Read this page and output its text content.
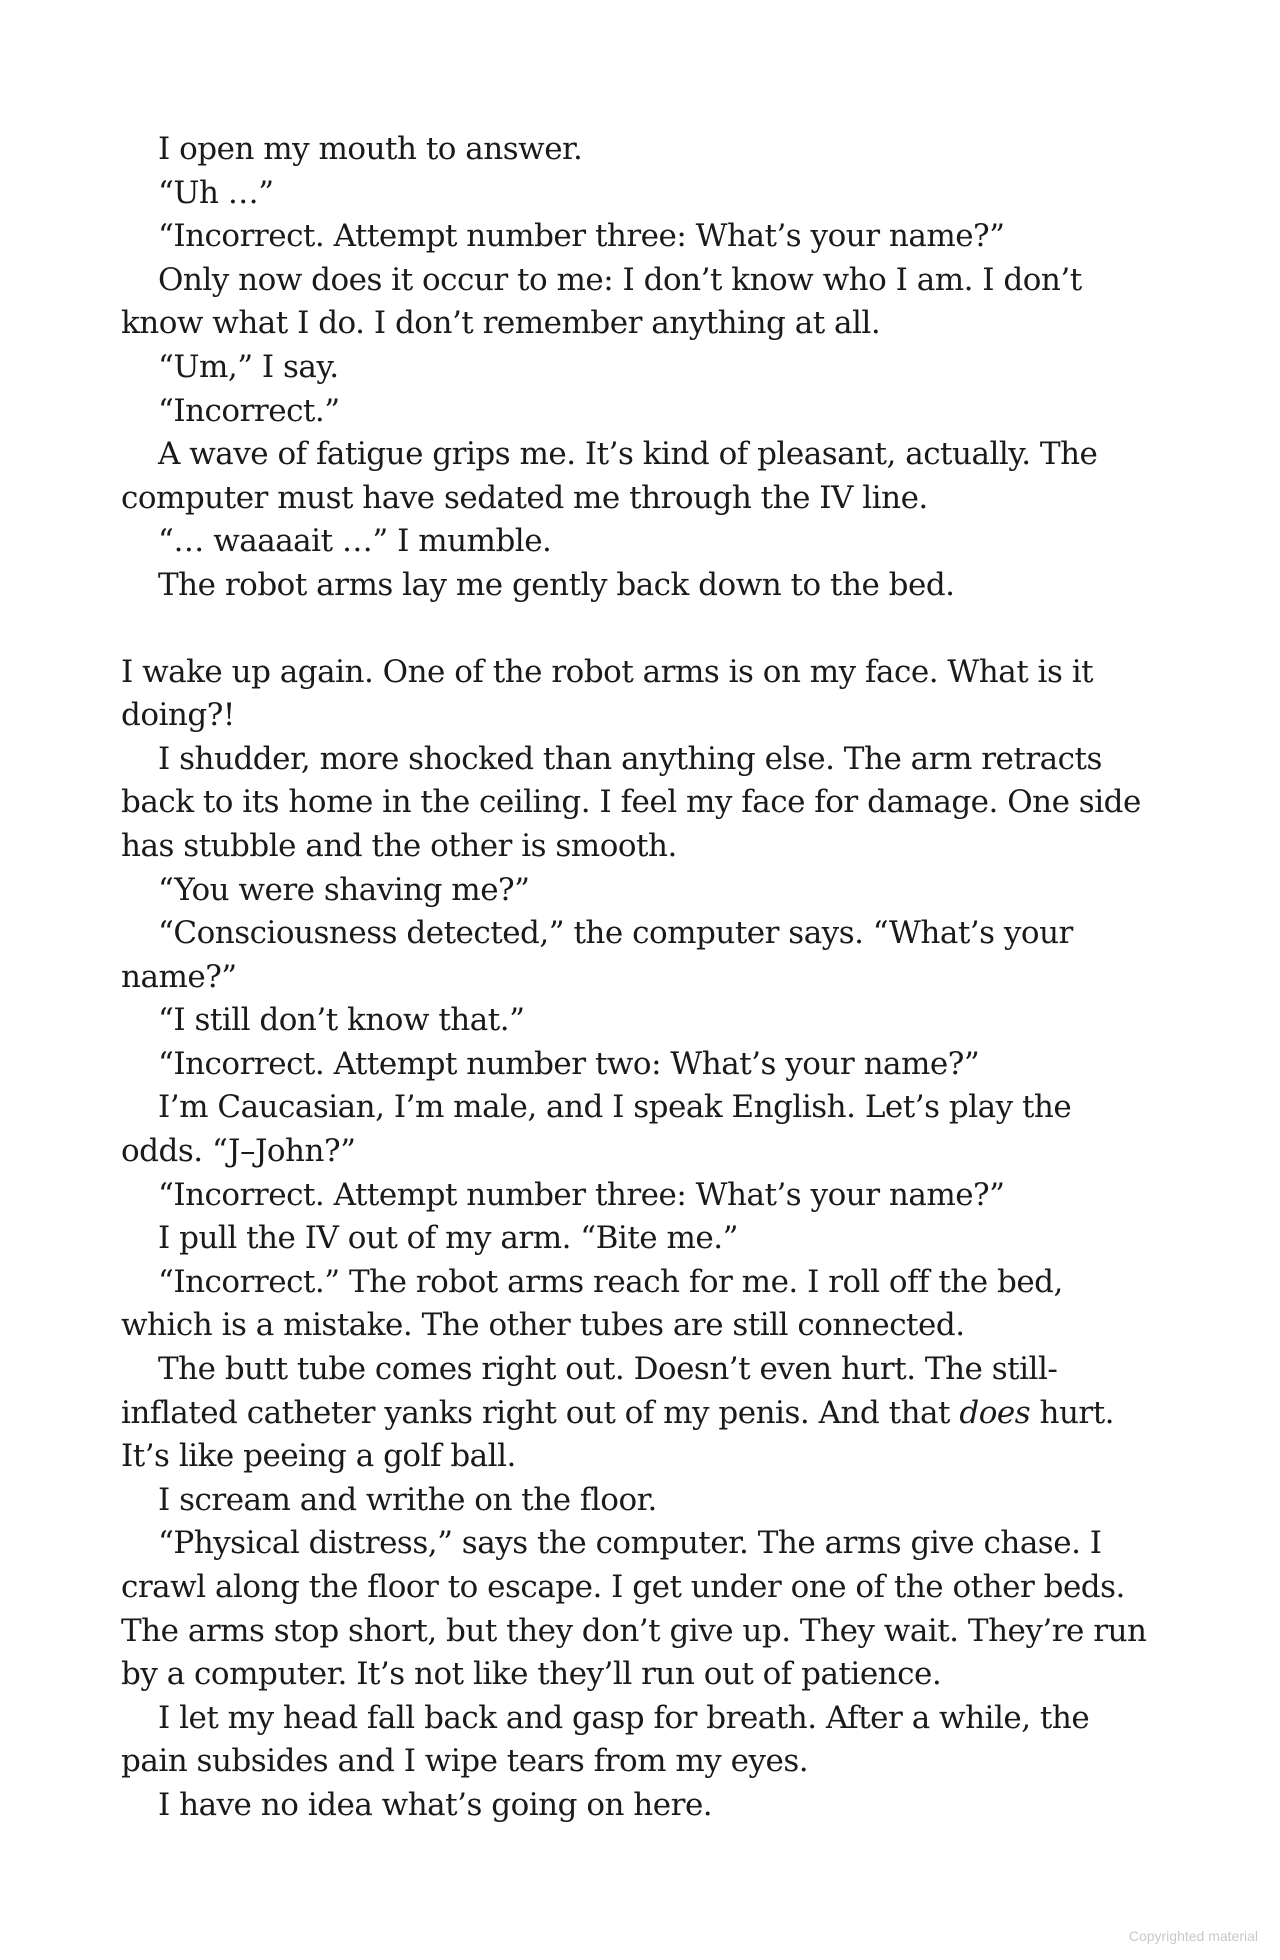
I open my mouth to answer.

“Uh …”

“Incorrect. Attempt number three: What’s your name?”

Only now does it occur to me: I don’t know who I am. I don’t know what I do. I don’t remember anything at all.

“Um,” I say.

“Incorrect.”

A wave of fatigue grips me. It’s kind of pleasant, actually. The computer must have sedated me through the IV line.

“… waaaait …” I mumble.

The robot arms lay me gently back down to the bed.

I wake up again. One of the robot arms is on my face. What is it doing?!

I shudder, more shocked than anything else. The arm retracts back to its home in the ceiling. I feel my face for damage. One side has stubble and the other is smooth.

“You were shaving me?”

“Consciousness detected,” the computer says. “What’s your name?”

“I still don’t know that.”

“Incorrect. Attempt number two: What’s your name?”

I’m Caucasian, I’m male, and I speak English. Let’s play the odds. “J–John?”

“Incorrect. Attempt number three: What’s your name?”

I pull the IV out of my arm. “Bite me.”

“Incorrect.” The robot arms reach for me. I roll off the bed, which is a mistake. The other tubes are still connected.

The butt tube comes right out. Doesn’t even hurt. The still-inflated catheter yanks right out of my penis. And that does hurt. It’s like peeing a golf ball.

I scream and writhe on the floor.

“Physical distress,” says the computer. The arms give chase. I crawl along the floor to escape. I get under one of the other beds. The arms stop short, but they don’t give up. They wait. They’re run by a computer. It’s not like they’ll run out of patience.

I let my head fall back and gasp for breath. After a while, the pain subsides and I wipe tears from my eyes.

I have no idea what’s going on here.

Copyrighted material
